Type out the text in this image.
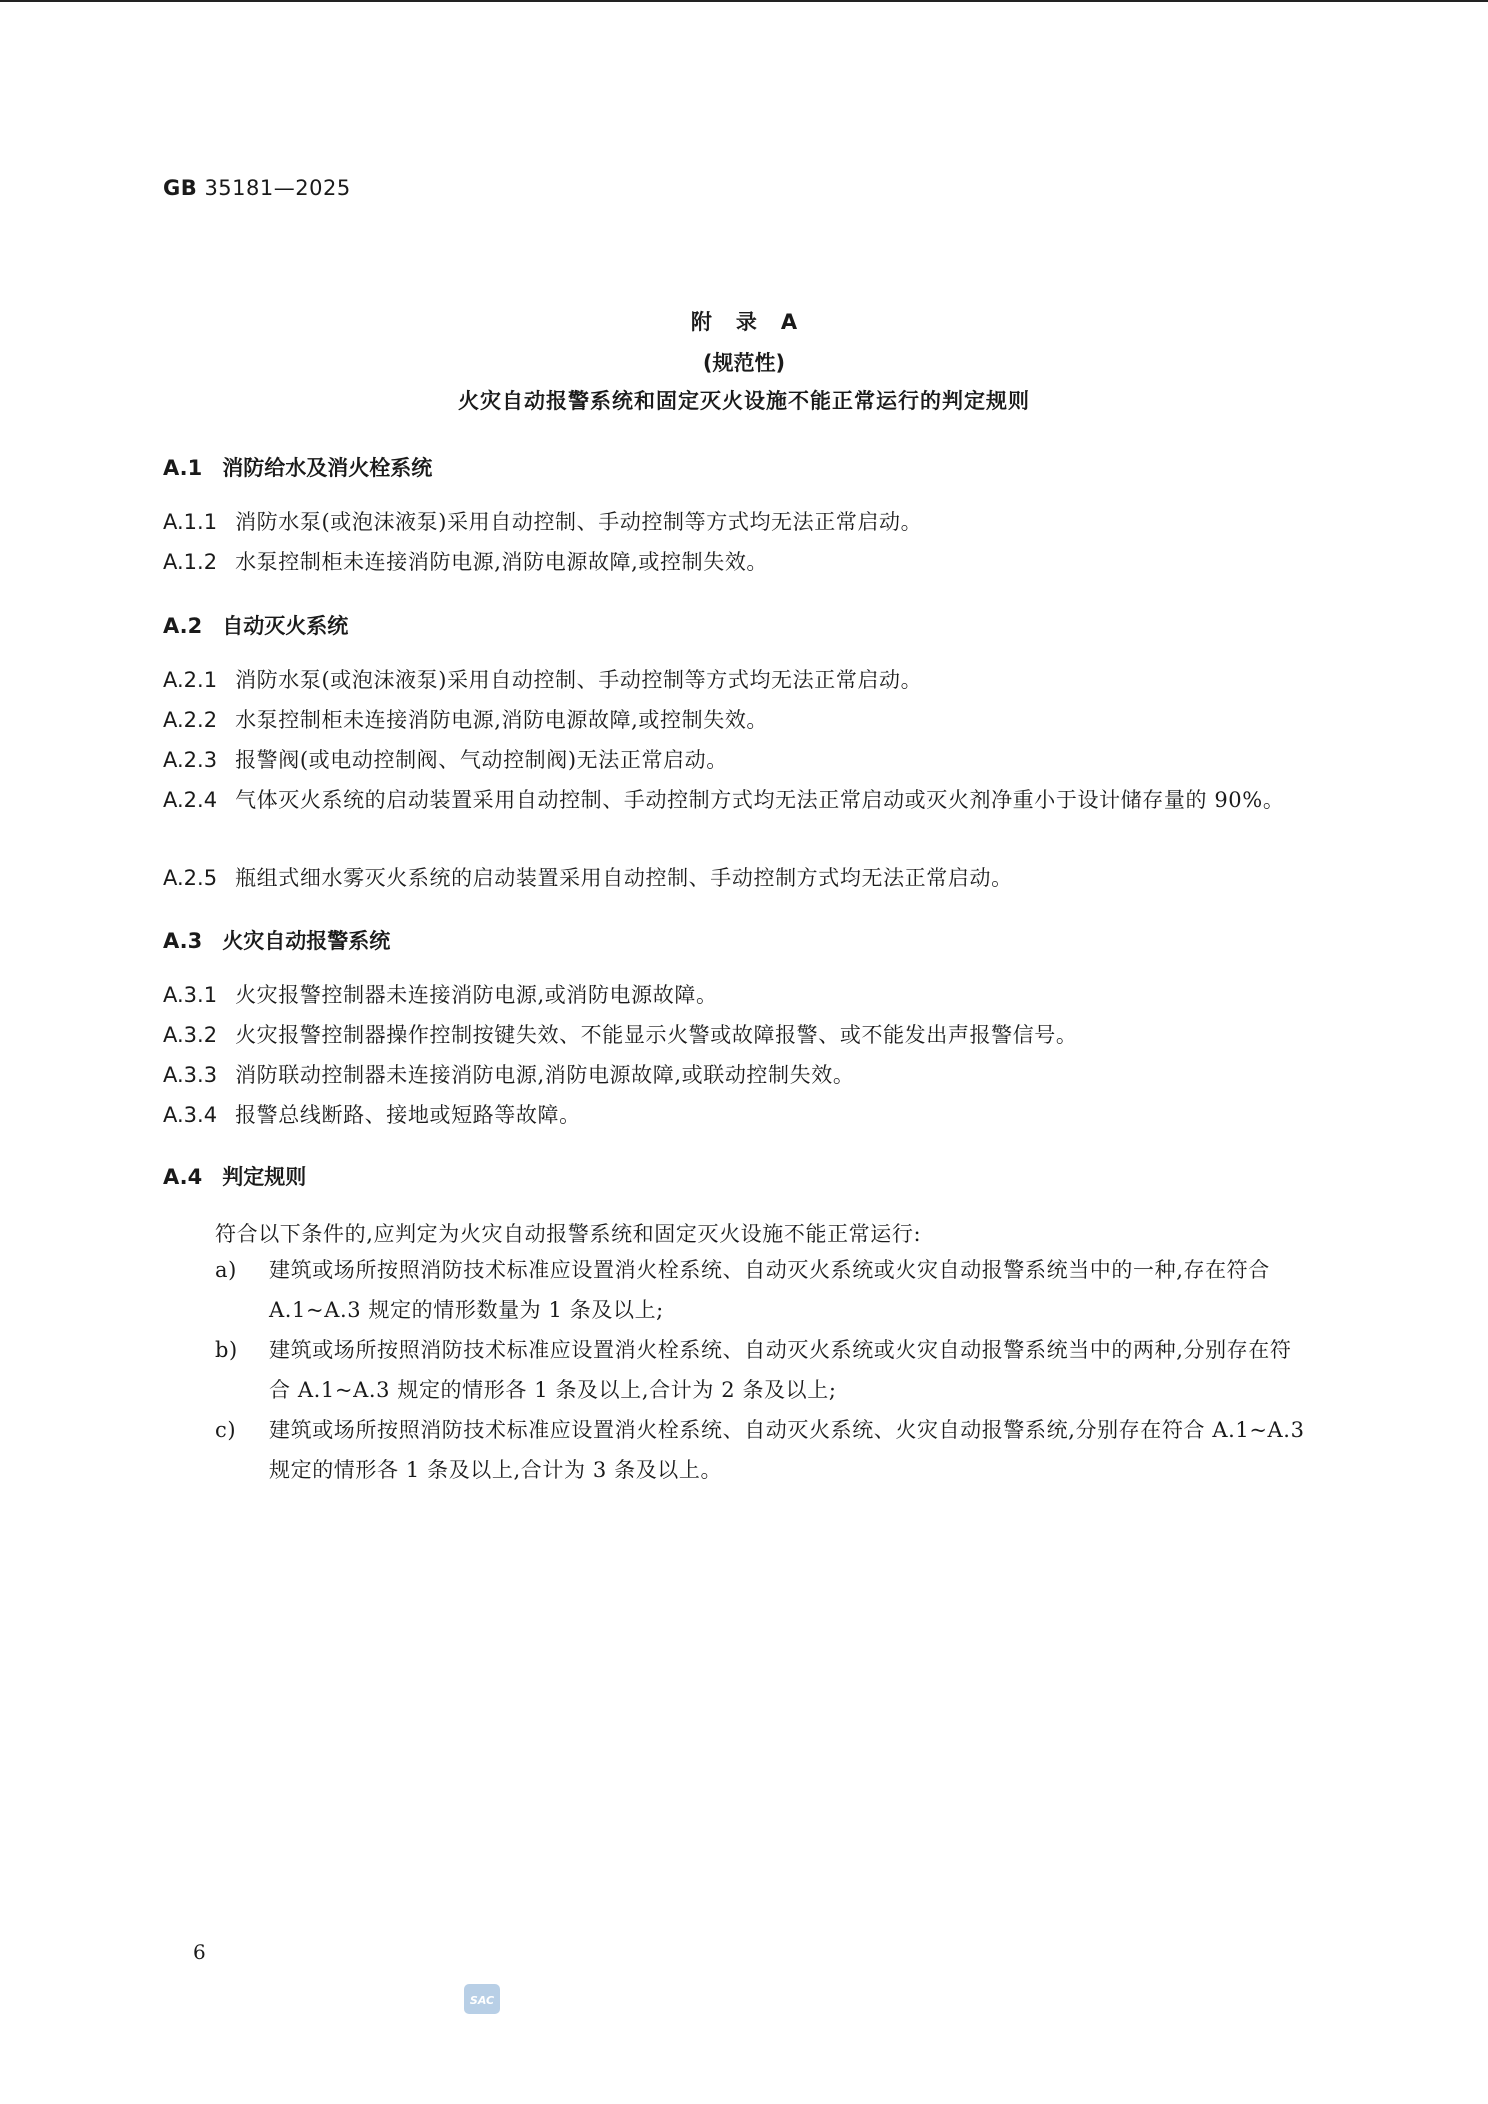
GB 35181—2025
附 录 A
(规范性)
火灾自动报警系统和固定灭火设施不能正常运行的判定规则
A.1 消防给水及消火栓系统
A.1.1 消防水泵(或泡沫液泵)采用自动控制、手动控制等方式均无法正常启动。
A.1.2 水泵控制柜未连接消防电源,消防电源故障,或控制失效。
A.2 自动灭火系统
A.2.1 消防水泵(或泡沫液泵)采用自动控制、手动控制等方式均无法正常启动。
A.2.2 水泵控制柜未连接消防电源,消防电源故障,或控制失效。
A.2.3 报警阀(或电动控制阀、气动控制阀)无法正常启动。
A.2.4 气体灭火系统的启动装置采用自动控制、手动控制方式均无法正常启动或灭火剂净重小于设计储存量的 90%。
A.2.5 瓶组式细水雾灭火系统的启动装置采用自动控制、手动控制方式均无法正常启动。
A.3 火灾自动报警系统
A.3.1 火灾报警控制器未连接消防电源,或消防电源故障。
A.3.2 火灾报警控制器操作控制按键失效、不能显示火警或故障报警、或不能发出声报警信号。
A.3.3 消防联动控制器未连接消防电源,消防电源故障,或联动控制失效。
A.3.4 报警总线断路、接地或短路等故障。
A.4 判定规则
符合以下条件的,应判定为火灾自动报警系统和固定灭火设施不能正常运行:
a) 建筑或场所按照消防技术标准应设置消火栓系统、自动灭火系统或火灾自动报警系统当中的一种,存在符合 A.1~A.3 规定的情形数量为 1 条及以上;
b) 建筑或场所按照消防技术标准应设置消火栓系统、自动灭火系统或火灾自动报警系统当中的两种,分别存在符合 A.1~A.3 规定的情形各 1 条及以上,合计为 2 条及以上;
c) 建筑或场所按照消防技术标准应设置消火栓系统、自动灭火系统、火灾自动报警系统,分别存在符合 A.1~A.3 规定的情形各 1 条及以上,合计为 3 条及以上。
6
SAC
